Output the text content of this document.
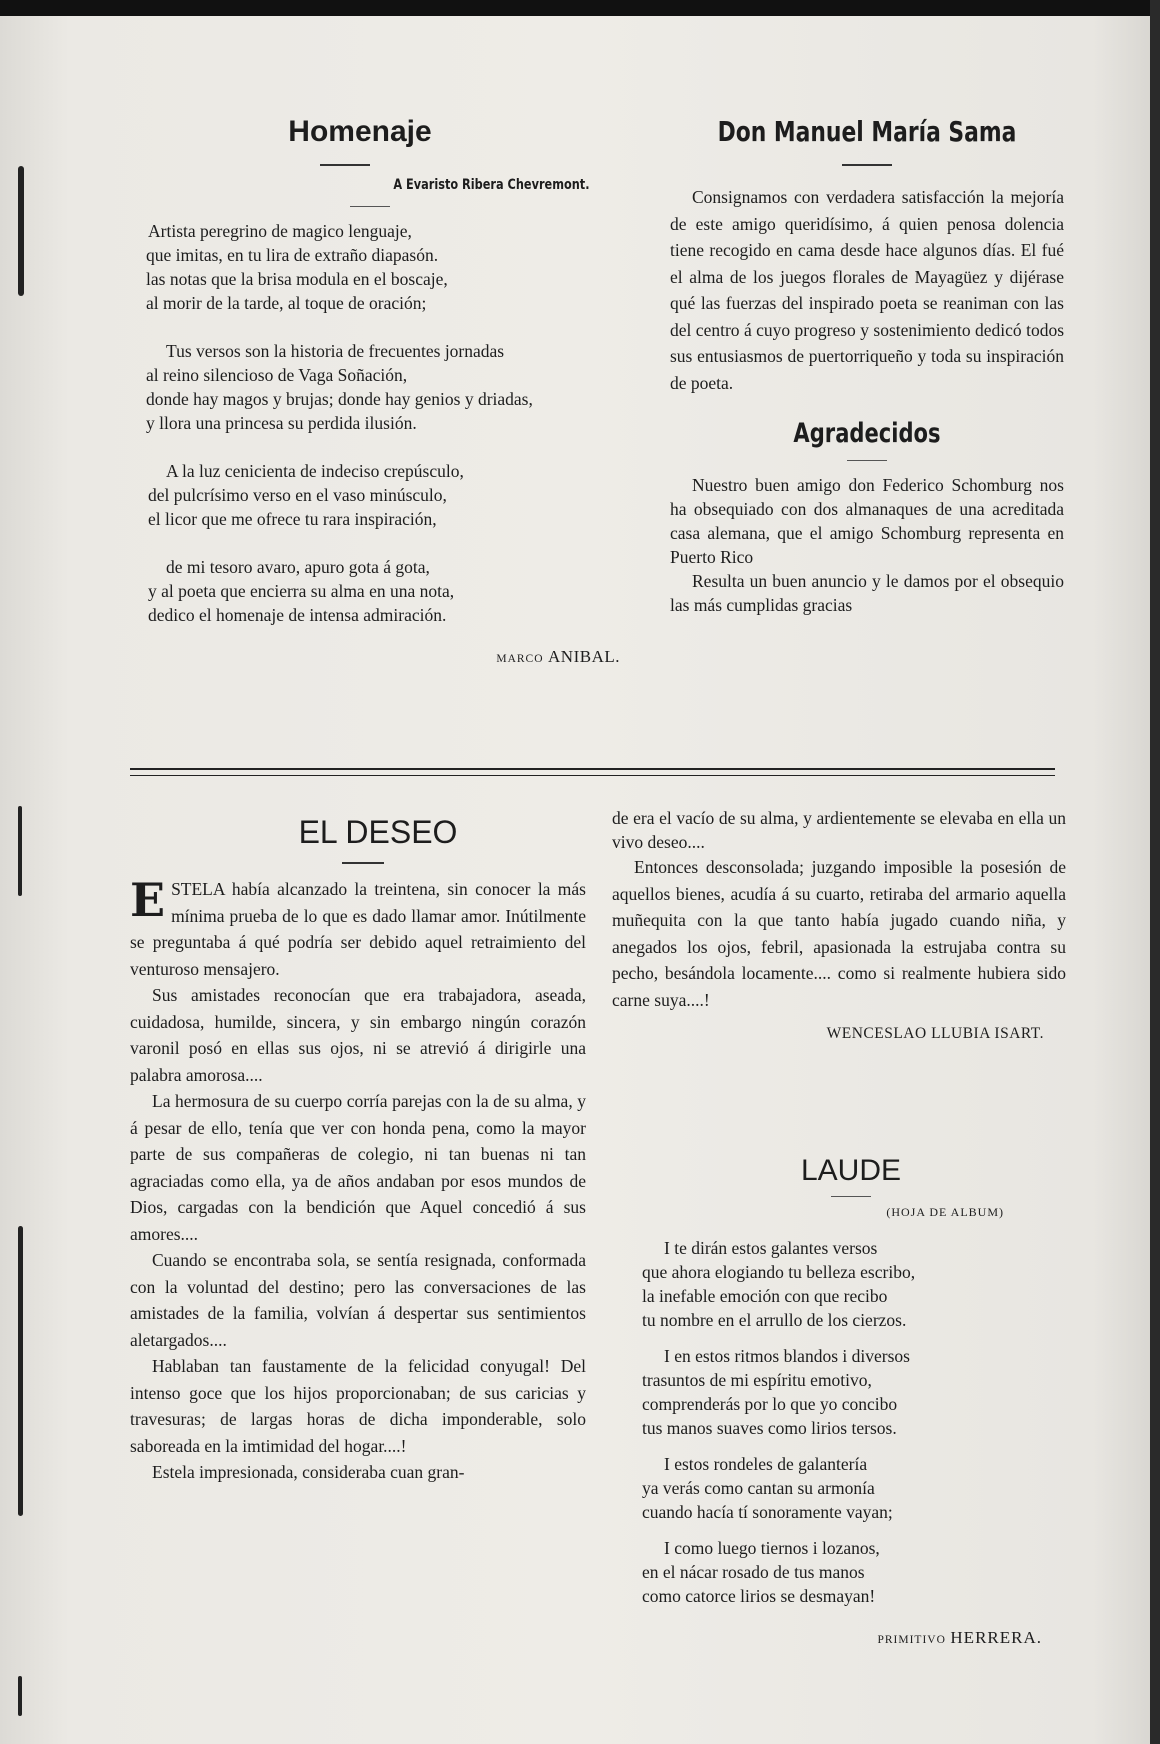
Homenaje
A Evaristo Ribera Chevremont.
Artista peregrino de magico lenguaje,
que imitas, en tu lira de extraño diapasón.
las notas que la brisa modula en el boscaje,
al morir de la tarde, al toque de oración;
Tus versos son la historia de frecuentes jornadas
al reino silencioso de Vaga Soñación,
donde hay magos y brujas; donde hay genios y driadas,
y llora una princesa su perdida ilusión.
A la luz cenicienta de indeciso crepúsculo,
del pulcrísimo verso en el vaso minúsculo,
el licor que me ofrece tu rara inspiración,
de mi tesoro avaro, apuro gota á gota,
y al poeta que encierra su alma en una nota,
dedico el homenaje de intensa admiración.
MARCO ANIBAL.
Don Manuel María Sama

Consignamos con verdadera satisfacción la mejoría de este amigo queridísimo, á quien penosa dolencia tiene recogido en cama desde hace algunos días. El fué el alma de los juegos florales de Mayagüez y dijérase qué las fuerzas del inspirado poeta se reaniman con las del centro á cuyo progreso y sostenimiento dedicó todos sus entusiasmos de puertorriqueño y toda su inspiración de poeta.

Agradecidos

Nuestro buen amigo don Federico Schomburg nos ha obsequiado con dos almanaques de una acreditada casa alemana, que el amigo Schomburg representa en Puerto Rico

Resulta un buen anuncio y le damos por el obsequio las más cumplidas gracias

EL DESEO

E STELA había alcanzado la treintena, sin conocer la más mínima prueba de lo que es dado llamar amor. Inútilmente se preguntaba á qué podría ser debido aquel retraimiento del venturoso mensajero.

Sus amistades reconocían que era trabajadora, aseada, cuidadosa, humilde, sincera, y sin embargo ningún corazón varonil posó en ellas sus ojos, ni se atrevió á dirigirle una palabra amorosa....

La hermosura de su cuerpo corría parejas con la de su alma, y á pesar de ello, tenía que ver con honda pena, como la mayor parte de sus compañeras de colegio, ni tan buenas ni tan agraciadas como ella, ya de años andaban por esos mundos de Dios, cargadas con la bendición que Aquel concedió á sus amores....

Cuando se encontraba sola, se sentía resignada, conformada con la voluntad del destino; pero las conversaciones de las amistades de la familia, volvían á despertar sus sentimientos aletargados....

Hablaban tan faustamente de la felicidad conyugal! Del intenso goce que los hijos proporcionaban; de sus caricias y travesuras; de largas horas de dicha imponderable, solo saboreada en la imtimidad del hogar....!

Estela impresionada, consideraba cuan gran-

de era el vacío de su alma, y ardientemente se elevaba en ella un vivo deseo....

Entonces desconsolada; juzgando imposible la posesión de aquellos bienes, acudía á su cuarto, retiraba del armario aquella muñequita con la que tanto había jugado cuando niña, y anegados los ojos, febril, apasionada la estrujaba contra su pecho, besándola locamente.... como si realmente hubiera sido carne suya....!

WENCESLAO LLUBIA ISART.
LAUDE
(HOJA DE ALBUM)
I te dirán estos galantes versos
que ahora elogiando tu belleza escribo,
la inefable emoción con que recibo
tu nombre en el arrullo de los cierzos.
I en estos ritmos blandos i diversos
trasuntos de mi espíritu emotivo,
comprenderás por lo que yo concibo
tus manos suaves como lirios tersos.
I estos rondeles de galantería
ya verás como cantan su armonía
cuando hacía tí sonoramente vayan;
I como luego tiernos i lozanos,
en el nácar rosado de tus manos
como catorce lirios se desmayan!
PRIMITIVO HERRERA.
